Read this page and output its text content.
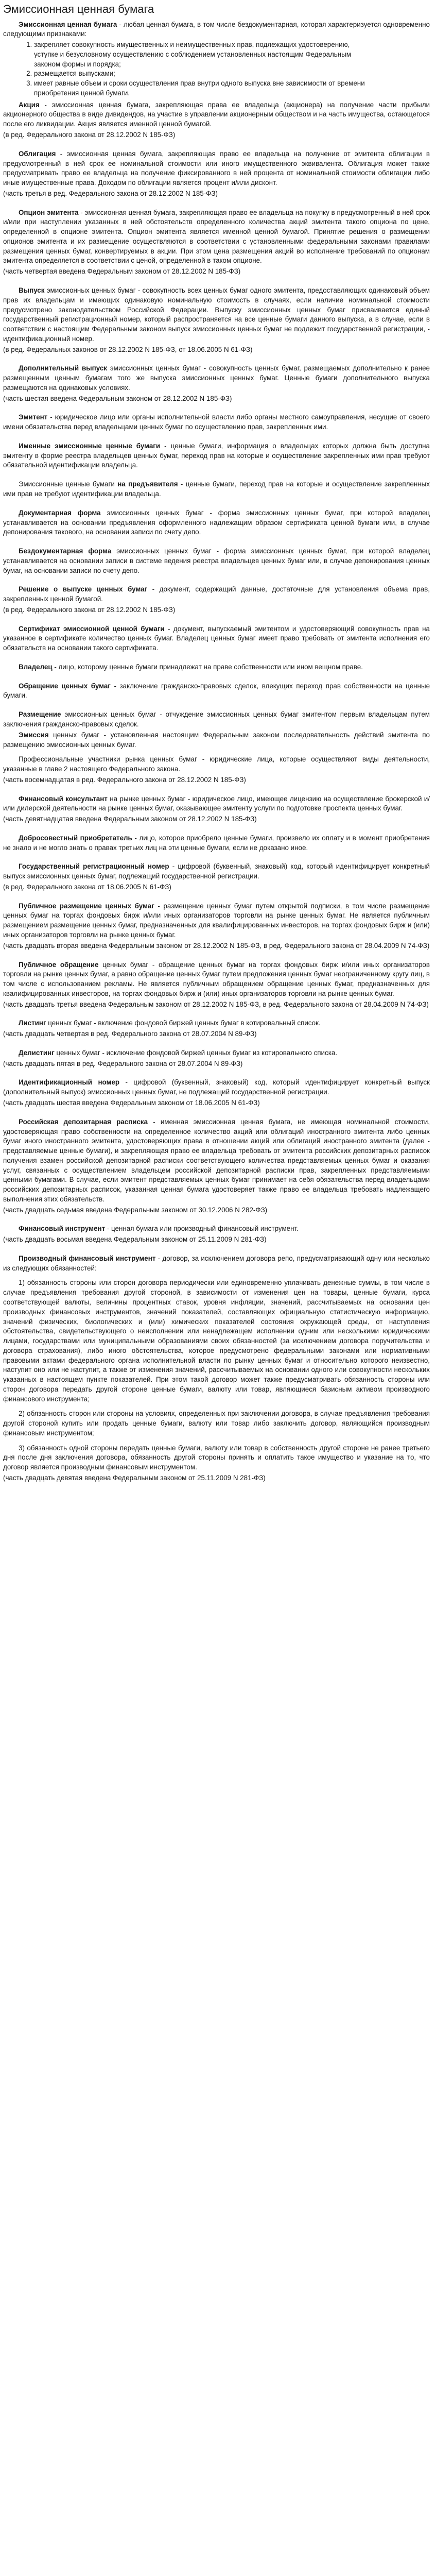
Эмиссионная ценная бумага

Эмиссионная ценная бумага - любая ценная бумага, в том числе бездокументарная, которая характеризуется одновременно следующими признаками:

1. закрепляет совокупность имущественных и неимущественных прав, подлежащих удостоверению, уступке и безусловному осуществлению с соблюдением установленных настоящим Федеральным законом формы и порядка;
2. размещается выпусками;
3. имеет равные объем и сроки осуществления прав внутри одного выпуска вне зависимости от времени приобретения ценной бумаги.

Акция - эмиссионная ценная бумага, закрепляющая права ее владельца (акционера) на получение части прибыли акционерного общества в виде дивидендов, на участие в управлении акционерным обществом и на часть имущества, остающегося после его ликвидации. Акция является именной ценной бумагой.

(в ред. Федерального закона от 28.12.2002 N 185-ФЗ)

Облигация - эмиссионная ценная бумага, закрепляющая право ее владельца на получение от эмитента облигации в предусмотренный в ней срок ее номинальной стоимости или иного имущественного эквивалента. Облигация может также предусматривать право ее владельца на получение фиксированного в ней процента от номинальной стоимости облигации либо иные имущественные права. Доходом по облигации является процент и/или дисконт.

(часть третья в ред. Федерального закона от 28.12.2002 N 185-ФЗ)

Опцион эмитента - эмиссионная ценная бумага, закрепляющая право ее владельца на покупку в предусмотренный в ней срок и/или при наступлении указанных в ней обстоятельств определенного количества акций эмитента такого опциона по цене, определенной в опционе эмитента. Опцион эмитента является именной ценной бумагой. Принятие решения о размещении опционов эмитента и их размещение осуществляются в соответствии с установленными федеральными законами правилами размещения ценных бумаг, конвертируемых в акции. При этом цена размещения акций во исполнение требований по опционам эмитента определяется в соответствии с ценой, определенной в таком опционе.

(часть четвертая введена Федеральным законом от 28.12.2002 N 185-ФЗ)

Выпуск эмиссионных ценных бумаг - совокупность всех ценных бумаг одного эмитента, предоставляющих одинаковый объем прав их владельцам и имеющих одинаковую номинальную стоимость в случаях, если наличие номинальной стоимости предусмотрено законодательством Российской Федерации. Выпуску эмиссионных ценных бумаг присваивается единый государственный регистрационный номер, который распространяется на все ценные бумаги данного выпуска, а в случае, если в соответствии с настоящим Федеральным законом выпуск эмиссионных ценных бумаг не подлежит государственной регистрации, - идентификационный номер.

(в ред. Федеральных законов от 28.12.2002 N 185-ФЗ, от 18.06.2005 N 61-ФЗ)

Дополнительный выпуск эмиссионных ценных бумаг - совокупность ценных бумаг, размещаемых дополнительно к ранее размещенным ценным бумагам того же выпуска эмиссионных ценных бумаг. Ценные бумаги дополнительного выпуска размещаются на одинаковых условиях.

(часть шестая введена Федеральным законом от 28.12.2002 N 185-ФЗ)

Эмитент - юридическое лицо или органы исполнительной власти либо органы местного самоуправления, несущие от своего имени обязательства перед владельцами ценных бумаг по осуществлению прав, закрепленных ими.

Именные эмиссионные ценные бумаги - ценные бумаги, информация о владельцах которых должна быть доступна эмитенту в форме реестра владельцев ценных бумаг, переход прав на которые и осуществление закрепленных ими прав требуют обязательной идентификации владельца.

Эмиссионные ценные бумаги на предъявителя - ценные бумаги, переход прав на которые и осуществление закрепленных ими прав не требуют идентификации владельца.

Документарная форма эмиссионных ценных бумаг - форма эмиссионных ценных бумаг, при которой владелец устанавливается на основании предъявления оформленного надлежащим образом сертификата ценной бумаги или, в случае депонирования такового, на основании записи по счету депо.

Бездокументарная форма эмиссионных ценных бумаг - форма эмиссионных ценных бумаг, при которой владелец устанавливается на основании записи в системе ведения реестра владельцев ценных бумаг или, в случае депонирования ценных бумаг, на основании записи по счету депо.

Решение о выпуске ценных бумаг - документ, содержащий данные, достаточные для установления объема прав, закрепленных ценной бумагой.

(в ред. Федерального закона от 28.12.2002 N 185-ФЗ)

Сертификат эмиссионной ценной бумаги - документ, выпускаемый эмитентом и удостоверяющий совокупность прав на указанное в сертификате количество ценных бумаг. Владелец ценных бумаг имеет право требовать от эмитента исполнения его обязательств на основании такого сертификата.

Владелец - лицо, которому ценные бумаги принадлежат на праве собственности или ином вещном праве.

Обращение ценных бумаг - заключение гражданско-правовых сделок, влекущих переход прав собственности на ценные бумаги.

Размещение эмиссионных ценных бумаг - отчуждение эмиссионных ценных бумаг эмитентом первым владельцам путем заключения гражданско-правовых сделок.

Эмиссия ценных бумаг - установленная настоящим Федеральным законом последовательность действий эмитента по размещению эмиссионных ценных бумаг.

Профессиональные участники рынка ценных бумаг - юридические лица, которые осуществляют виды деятельности, указанные в главе 2 настоящего Федерального закона.

(часть восемнадцатая в ред. Федерального закона от 28.12.2002 N 185-ФЗ)

Финансовый консультант на рынке ценных бумаг - юридическое лицо, имеющее лицензию на осуществление брокерской и/или дилерской деятельности на рынке ценных бумаг, оказывающее эмитенту услуги по подготовке проспекта ценных бумаг.

(часть девятнадцатая введена Федеральным законом от 28.12.2002 N 185-ФЗ)

Добросовестный приобретатель - лицо, которое приобрело ценные бумаги, произвело их оплату и в момент приобретения не знало и не могло знать о правах третьих лиц на эти ценные бумаги, если не доказано иное.

Государственный регистрационный номер - цифровой (буквенный, знаковый) код, который идентифицирует конкретный выпуск эмиссионных ценных бумаг, подлежащий государственной регистрации.

(в ред. Федерального закона от 18.06.2005 N 61-ФЗ)

Публичное размещение ценных бумаг - размещение ценных бумаг путем открытой подписки, в том числе размещение ценных бумаг на торгах фондовых бирж и/или иных организаторов торговли на рынке ценных бумаг. Не является публичным размещением размещение ценных бумаг, предназначенных для квалифицированных инвесторов, на торгах фондовых бирж и (или) иных организаторов торговли на рынке ценных бумаг.

(часть двадцать вторая введена Федеральным законом от 28.12.2002 N 185-ФЗ, в ред. Федерального закона от 28.04.2009 N 74-ФЗ)

Публичное обращение ценных бумаг - обращение ценных бумаг на торгах фондовых бирж и/или иных организаторов торговли на рынке ценных бумаг, а равно обращение ценных бумаг путем предложения ценных бумаг неограниченному кругу лиц, в том числе с использованием рекламы. Не является публичным обращением обращение ценных бумаг, предназначенных для квалифицированных инвесторов, на торгах фондовых бирж и (или) иных организаторов торговли на рынке ценных бумаг.

(часть двадцать третья введена Федеральным законом от 28.12.2002 N 185-ФЗ, в ред. Федерального закона от 28.04.2009 N 74-ФЗ)

Листинг ценных бумаг - включение фондовой биржей ценных бумаг в котировальный список.

(часть двадцать четвертая в ред. Федерального закона от 28.07.2004 N 89-ФЗ)

Делистинг ценных бумаг - исключение фондовой биржей ценных бумаг из котировального списка.

(часть двадцать пятая в ред. Федерального закона от 28.07.2004 N 89-ФЗ)

Идентификационный номер - цифровой (буквенный, знаковый) код, который идентифицирует конкретный выпуск (дополнительный выпуск) эмиссионных ценных бумаг, не подлежащий государственной регистрации.

(часть двадцать шестая введена Федеральным законом от 18.06.2005 N 61-ФЗ)

Российская депозитарная расписка - именная эмиссионная ценная бумага, не имеющая номинальной стоимости, удостоверяющая право собственности на определенное количество акций или облигаций иностранного эмитента либо ценных бумаг иного иностранного эмитента, удостоверяющих права в отношении акций или облигаций иностранного эмитента (далее - представляемые ценные бумаги), и закрепляющая право ее владельца требовать от эмитента российских депозитарных расписок получения взамен российской депозитарной расписки соответствующего количества представляемых ценных бумаг и оказания услуг, связанных с осуществлением владельцем российской депозитарной расписки прав, закрепленных представляемыми ценными бумагами. В случае, если эмитент представляемых ценных бумаг принимает на себя обязательства перед владельцами российских депозитарных расписок, указанная ценная бумага удостоверяет также право ее владельца требовать надлежащего выполнения этих обязательств.

(часть двадцать седьмая введена Федеральным законом от 30.12.2006 N 282-ФЗ)

Финансовый инструмент - ценная бумага или производный финансовый инструмент.

(часть двадцать восьмая введена Федеральным законом от 25.11.2009 N 281-ФЗ)

Производный финансовый инструмент - договор, за исключением договора репо, предусматривающий одну или несколько из следующих обязанностей:

1) обязанность стороны или сторон договора периодически или единовременно уплачивать денежные суммы, в том числе в случае предъявления требования другой стороной, в зависимости от изменения цен на товары, ценные бумаги, курса соответствующей валюты, величины процентных ставок, уровня инфляции, значений, рассчитываемых на основании цен производных финансовых инструментов, значений показателей, составляющих официальную статистическую информацию, значений физических, биологических и (или) химических показателей состояния окружающей среды, от наступления обстоятельства, свидетельствующего о неисполнении или ненадлежащем исполнении одним или несколькими юридическими лицами, государствами или муниципальными образованиями своих обязанностей (за исключением договора поручительства и договора страхования), либо иного обстоятельства, которое предусмотрено федеральными законами или нормативными правовыми актами федерального органа исполнительной власти по рынку ценных бумаг и относительно которого неизвестно, наступит оно или не наступит, а также от изменения значений, рассчитываемых на основании одного или совокупности нескольких указанных в настоящем пункте показателей. При этом такой договор может также предусматривать обязанность стороны или сторон договора передать другой стороне ценные бумаги, валюту или товар, являющиеся базисным активом производного финансового инструмента;

2) обязанность сторон или стороны на условиях, определенных при заключении договора, в случае предъявления требования другой стороной купить или продать ценные бумаги, валюту или товар либо заключить договор, являющийся производным финансовым инструментом;

3) обязанность одной стороны передать ценные бумаги, валюту или товар в собственность другой стороне не ранее третьего дня после дня заключения договора, обязанность другой стороны принять и оплатить такое имущество и указание на то, что договор является производным финансовым инструментом.

(часть двадцать девятая введена Федеральным законом от 25.11.2009 N 281-ФЗ)
